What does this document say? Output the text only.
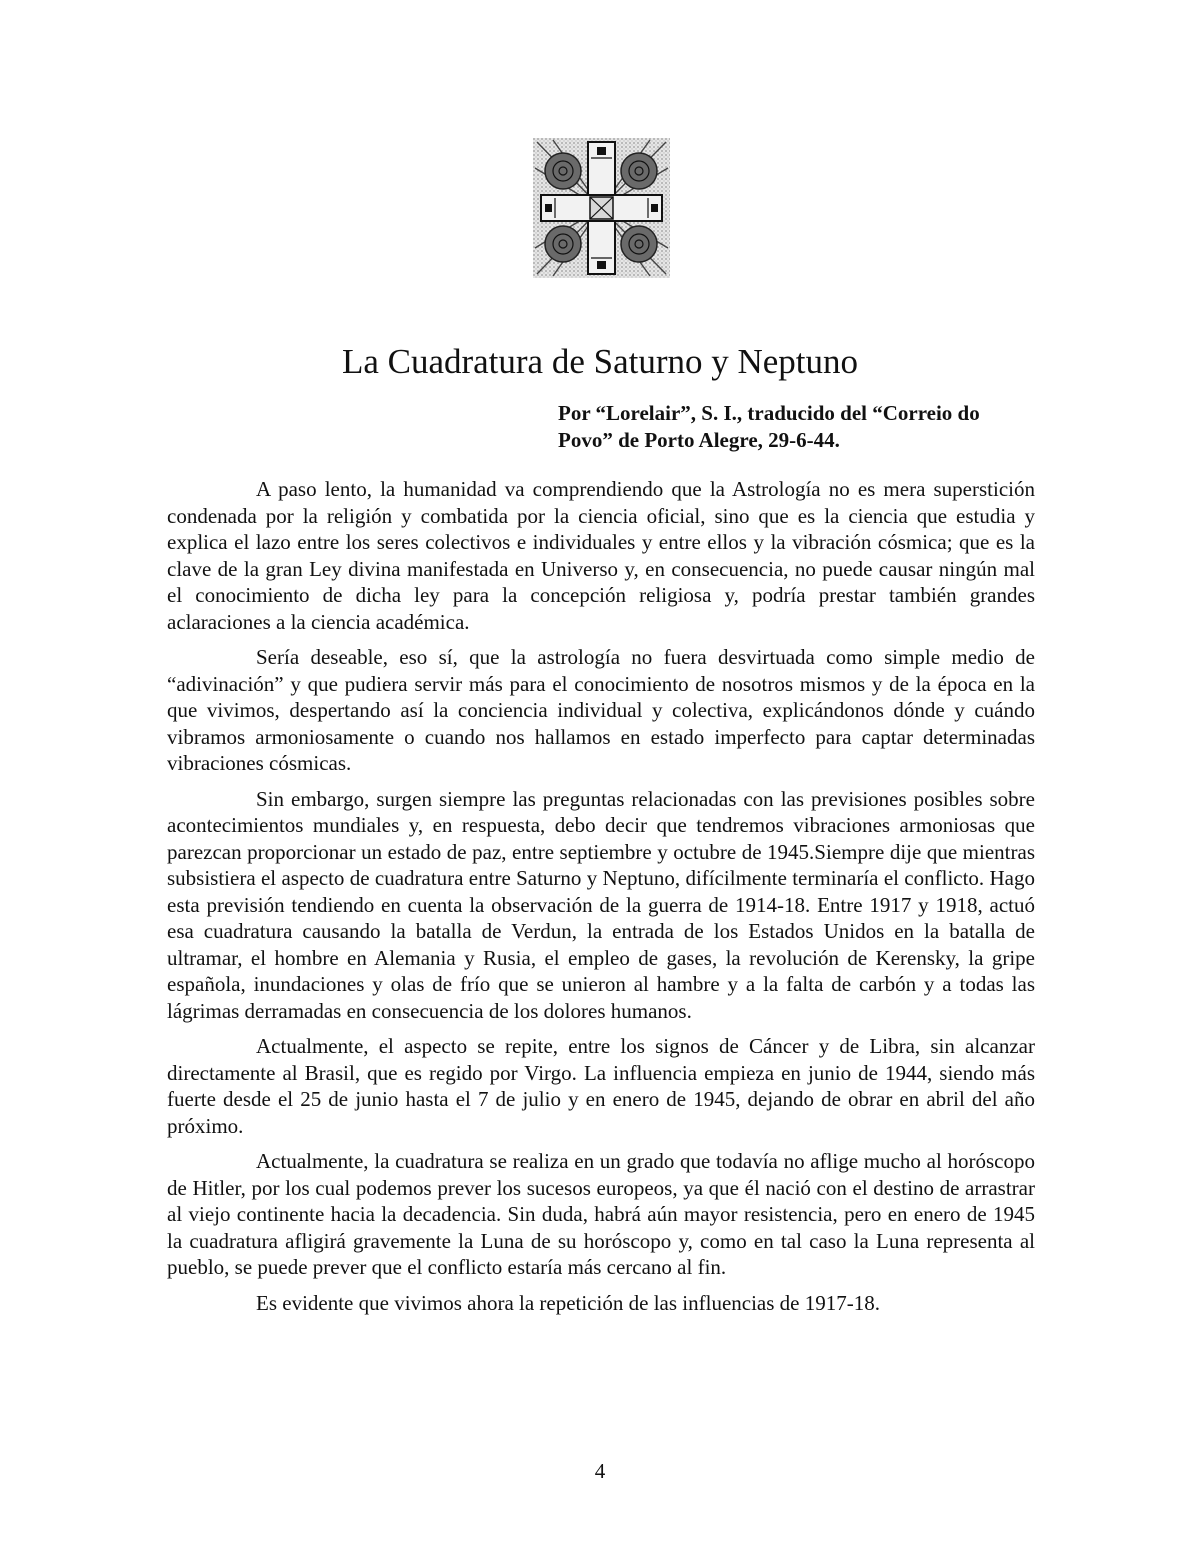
La Cuadratura de Saturno y Neptuno

Por “Lorelair”, S. I., traducido del “Correio do Povo” de Porto Alegre, 29-6-44.

A paso lento, la humanidad va comprendiendo que la Astrología no es mera superstición condenada por la religión y combatida por la ciencia oficial, sino que es la ciencia que estudia y explica el lazo entre los seres colectivos e individuales y entre ellos y la vibración cósmica; que es la clave de la gran Ley divina manifestada en Universo y, en consecuencia, no puede causar ningún mal el conocimiento de dicha ley para la concepción religiosa y, podría prestar también grandes aclaraciones a la ciencia académica.

Sería deseable, eso sí, que la astrología no fuera desvirtuada como simple medio de “adivinación” y que pudiera servir más para el conocimiento de nosotros mismos y de la época en la que vivimos, despertando así la conciencia individual y colectiva, explicándonos dónde y cuándo vibramos armoniosamente o cuando nos hallamos en estado imperfecto para captar determinadas vibraciones cósmicas.

Sin embargo, surgen siempre las preguntas relacionadas con las previsiones posibles sobre acontecimientos mundiales y, en respuesta, debo decir que tendremos vibraciones armoniosas que parezcan proporcionar un estado de paz, entre septiembre y octubre de 1945.Siempre dije que mientras subsistiera el aspecto de cuadratura entre Saturno y Neptuno, difícilmente terminaría el conflicto. Hago esta previsión tendiendo en cuenta la observación de la guerra de 1914-18. Entre 1917 y 1918, actuó esa cuadratura causando la batalla de Verdun, la entrada de los Estados Unidos en la batalla de ultramar, el hombre en Alemania y Rusia, el empleo de gases, la revolución de Kerensky, la gripe española, inundaciones y olas de frío que se unieron al hambre y a la falta de carbón y a todas las lágrimas derramadas en consecuencia de los dolores humanos.

Actualmente, el aspecto se repite, entre los signos de Cáncer y de Libra, sin alcanzar directamente al Brasil, que es regido por Virgo. La influencia empieza en junio de 1944, siendo más fuerte desde el 25 de junio hasta el 7 de julio y en enero de 1945, dejando de obrar en abril del año próximo.

Actualmente, la cuadratura se realiza en un grado que todavía no aflige mucho al horóscopo de Hitler, por los cual podemos prever los sucesos europeos, ya que él nació con el destino de arrastrar al viejo continente hacia la decadencia. Sin duda, habrá aún mayor resistencia, pero en enero de 1945 la cuadratura afligirá gravemente la Luna de su horóscopo y, como en tal caso la Luna representa al pueblo, se puede prever que el conflicto estaría más cercano al fin.

Es evidente que vivimos ahora la repetición de las influencias de 1917-18.

4
